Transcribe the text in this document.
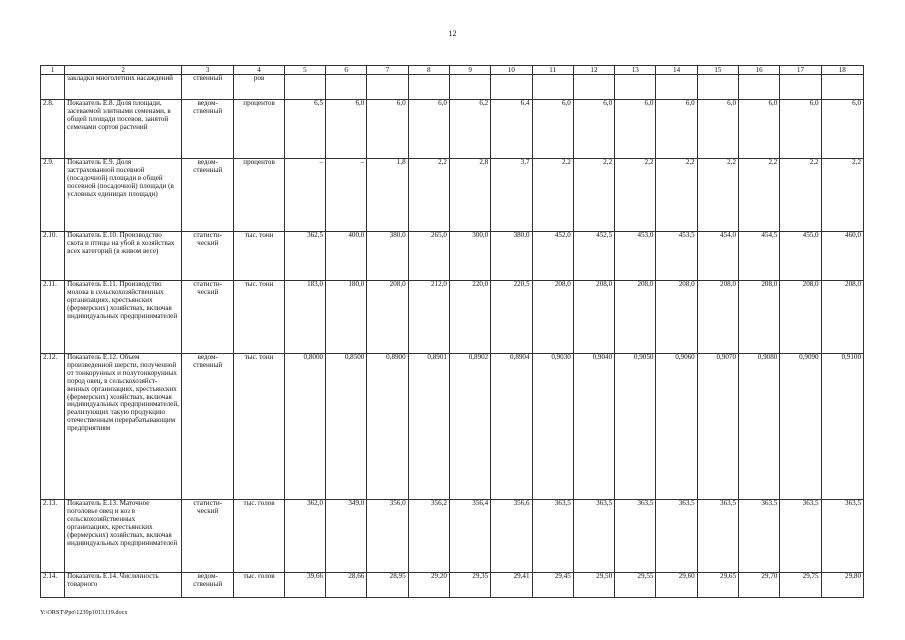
12
1	2	3	4	5	6	7	8	9	10	11	12	13	14	15	16	17	18
	закладки многолетних насаждений	ственный	ров														
2.8.	Показатель Е.8. Доля площади, засеваемой элитными семенами, в общей площади посевов, занятой семенами сортов растений	ведом-ственный	процентов	6,5	6,0	6,0	6,0	6,2	6,4	6,0	6,0	6,0	6,0	6,0	6,0	6,0	6,0
2.9.	Показатель Е.9. Доля застрахованной посевной (посадочной) площади в общей посевной (посадочной) площади (в условных единицах площади)	ведом-ственный	процентов	–	–	1,8	2,2	2,8	3,7	2,2	2,2	2,2	2,2	2,2	2,2	2,2	2,2
2.10.	Показатель Е.10. Производство скота и птицы на убой в хозяйствах всех категорий (в живом весе)	статисти-ческий	тыс. тонн	362,5	400,0	380,0	265,0	300,0	380,0	452,0	452,5	453,0	453,5	454,0	454,5	455,0	460,0
2.11.	Показатель Е.11. Производство молока в сельскохозяйственных организациях, крестьянских (фермерских) хозяйствах, включая индивидуальных предпринимателей	статисти-ческий	тыс. тонн	183,0	180,0	208,0	212,0	220,0	220,5	208,0	208,0	208,0	208,0	208,0	208,0	208,0	208,0
2.12.	Показатель Е.12. Объем произведенной шерсти, полученной от тонкорунных и полутонкорунных пород овец, в сельскохозяйст-венных организациях, крестьянских (фермерских) хозяйствах, включая индивидуальных предпринимателей, реализующих такую продукцию отечественным перерабатывающим предприятиям	ведом-ственный	тыс. тонн	0,8000	0,8500	0,8900	0,8901	0,8902	0,8904	0,9030	0,9040	0,9050	0,9060	0,9070	0,9080	0,9090	0,9100
2.13.	Показатель Е.13. Маточное поголовье овец и коз в сельскохозяйственных организациях, крестьянских (фермерских) хозяйствах, включая индивидуальных предпринимателей	статисти-ческий	тыс. голов	362,0	349,0	356,0	356,2	356,4	356,6	363,5	363,5	363,5	363,5	363,5	363,5	363,5	363,5
2.14.	Показатель Е.14. Численность товарного	ведом-ственный	тыс. голов	39,66	28,66	28,95	29,20	29,35	29,41	29,45	29,50	29,55	29,60	29,65	29,70	29,75	29,80
Y:\ORST\Ppo\1230p1013.f19.docx
